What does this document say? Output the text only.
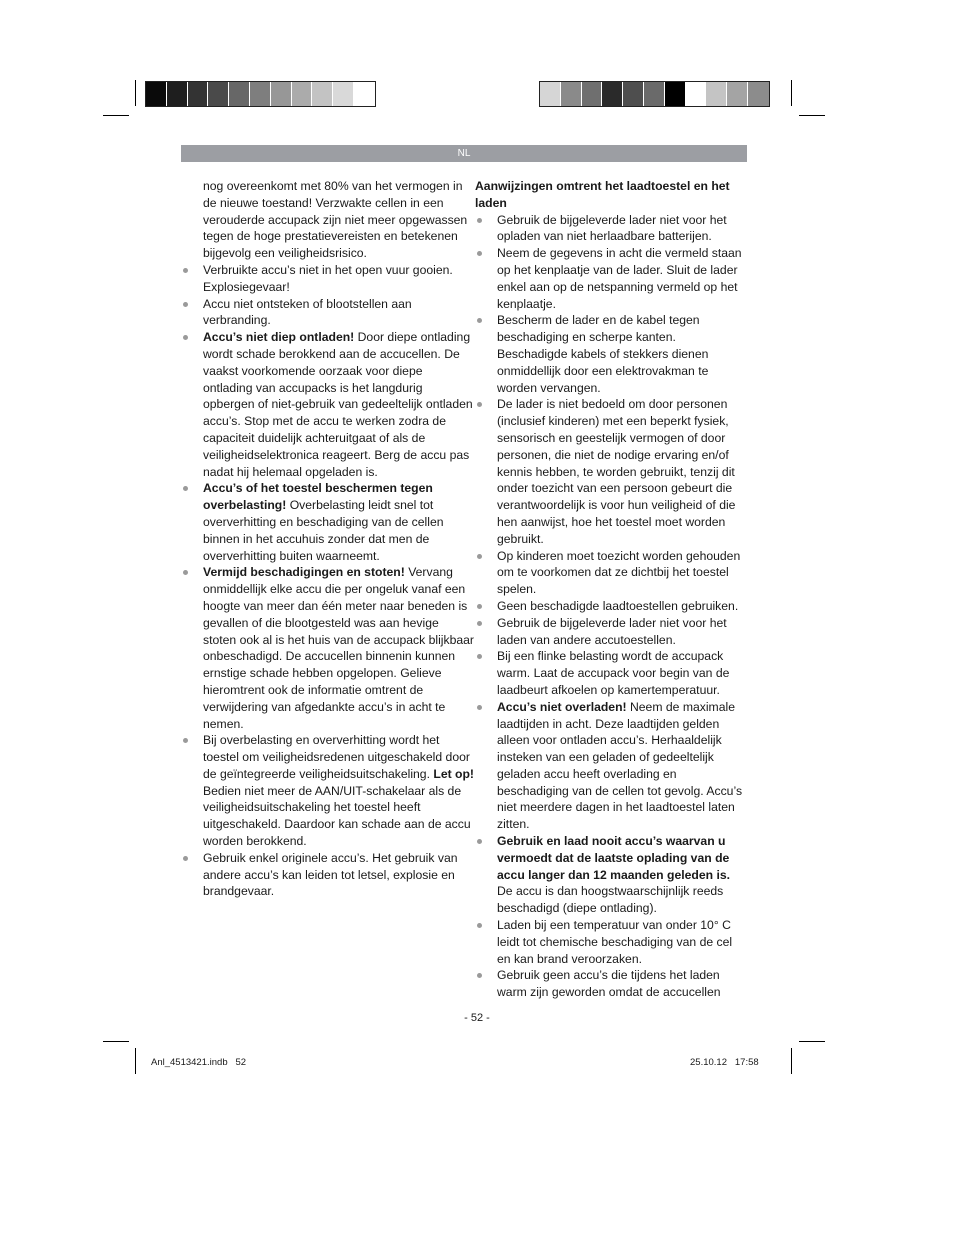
NL

nog overeenkomt met 80% van het vermogen in de nieuwe toestand! Verzwakte cellen in een verouderde accupack zijn niet meer opgewassen tegen de hoge prestatievereisten en betekenen bijgevolg een veiligheidsrisico.

Verbruikte accu’s niet in het open vuur gooien. Explosiegevaar!
Accu niet ontsteken of blootstellen aan verbranding.
Accu’s niet diep ontladen! Door diepe ontlading wordt schade berokkend aan de accucellen. De vaakst voorkomende oorzaak voor diepe ontlading van accupacks is het langdurig opbergen of niet-gebruik van gedeeltelijk ontladen accu’s. Stop met de accu te werken zodra de capaciteit duidelijk achteruitgaat of als de veiligheidselektronica reageert. Berg de accu pas nadat hij helemaal opgeladen is.
Accu’s of het toestel beschermen tegen overbelasting! Overbelasting leidt snel tot oververhitting en beschadiging van de cellen binnen in het accuhuis zonder dat men de oververhitting buiten waarneemt.
Vermijd beschadigingen en stoten! Vervang onmiddellijk elke accu die per ongeluk vanaf een hoogte van meer dan één meter naar beneden is gevallen of die blootgesteld was aan hevige stoten ook al is het huis van de accupack blijkbaar onbeschadigd. De accucellen binnenin kunnen ernstige schade hebben opgelopen. Gelieve hieromtrent ook de informatie omtrent de verwijdering van afgedankte accu’s in acht te nemen.
Bij overbelasting en oververhitting wordt het toestel om veiligheidsredenen uitgeschakeld door de geïntegreerde veiligheidsuitschakeling. Let op! Bedien niet meer de AAN/UIT-schakelaar als de veiligheidsuitschakeling het toestel heeft uitgeschakeld. Daardoor kan schade aan de accu worden berokkend.
Gebruik enkel originele accu’s. Het gebruik van andere accu’s kan leiden tot letsel, explosie en brandgevaar.

Aanwijzingen omtrent het laadtoestel en het laden

Gebruik de bijgeleverde lader niet voor het opladen van niet herlaadbare batterijen.
Neem de gegevens in acht die vermeld staan op het kenplaatje van de lader. Sluit de lader enkel aan op de netspanning vermeld op het kenplaatje.
Bescherm de lader en de kabel tegen beschadiging en scherpe kanten. Beschadigde kabels of stekkers dienen onmiddellijk door een elektrovakman te worden vervangen.
De lader is niet bedoeld om door personen (inclusief kinderen) met een beperkt fysiek, sensorisch en geestelijk vermogen of door personen, die niet de nodige ervaring en/of kennis hebben, te worden gebruikt, tenzij dit onder toezicht van een persoon gebeurt die verantwoordelijk is voor hun veiligheid of die hen aanwijst, hoe het toestel moet worden gebruikt.
Op kinderen moet toezicht worden gehouden om te voorkomen dat ze dichtbij het toestel spelen.
Geen beschadigde laadtoestellen gebruiken.
Gebruik de bijgeleverde lader niet voor het laden van andere accutoestellen.
Bij een flinke belasting wordt de accupack warm. Laat de accupack voor begin van de laadbeurt afkoelen op kamertemperatuur.
Accu’s niet overladen! Neem de maximale laadtijden in acht. Deze laadtijden gelden alleen voor ontladen accu’s. Herhaaldelijk insteken van een geladen of gedeeltelijk geladen accu heeft overlading en beschadiging van de cellen tot gevolg. Accu’s niet meerdere dagen in het laadtoestel laten zitten.
Gebruik en laad nooit accu’s waarvan u vermoedt dat de laatste oplading van de accu langer dan 12 maanden geleden is. De accu is dan hoogstwaarschijnlijk reeds beschadigd (diepe ontlading).
Laden bij een temperatuur van onder 10° C leidt tot chemische beschadiging van de cel en kan brand veroorzaken.
Gebruik geen accu’s die tijdens het laden warm zijn geworden omdat de accucellen
- 52 -
Anl_4513421.indb   52	25.10.12   17:58
